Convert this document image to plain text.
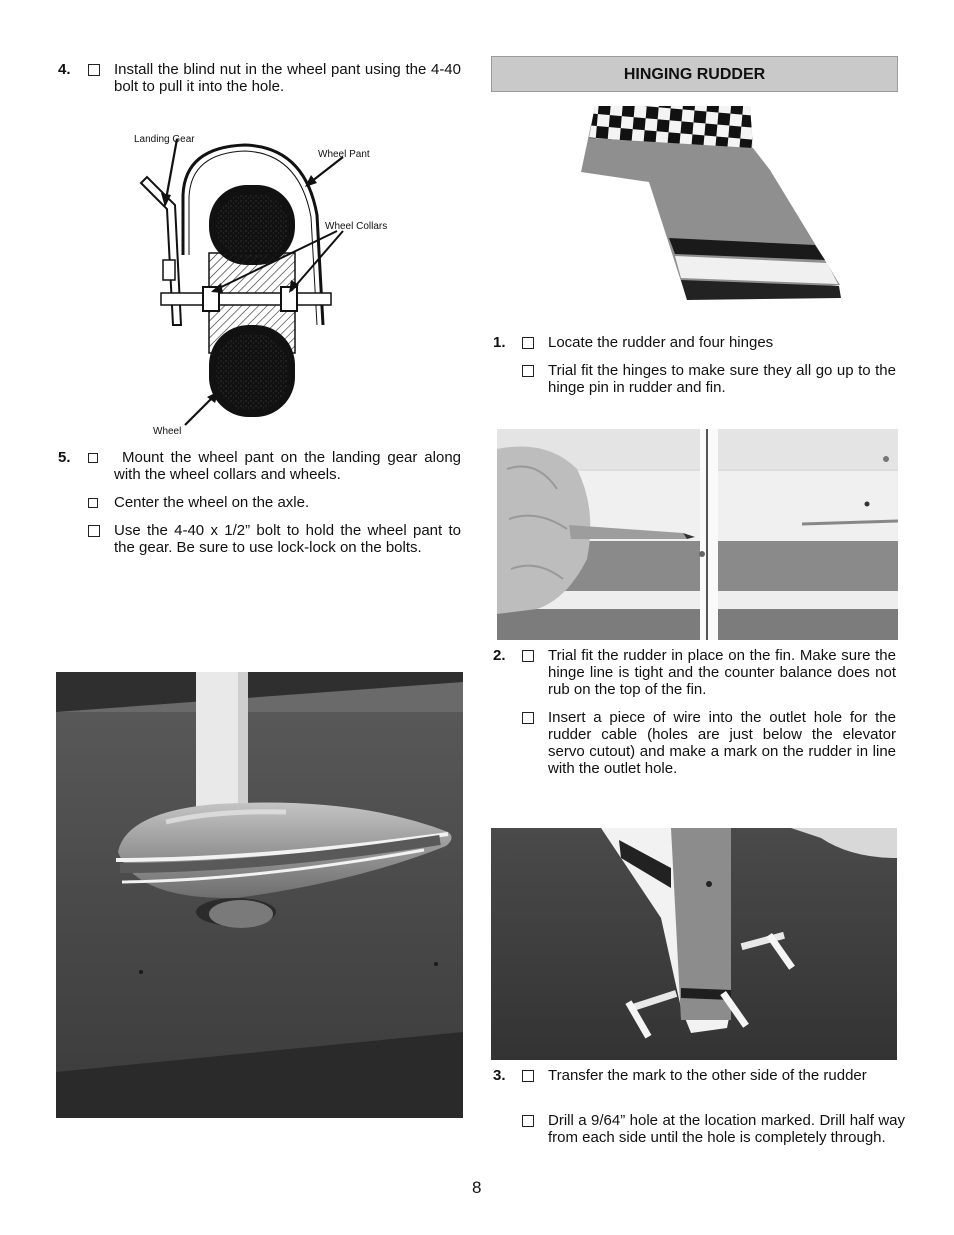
4.	Install the blind nut in the wheel pant using the 4-40 bolt to pull it into the hole.
Landing Gear
Wheel Pant
Wheel Collars
Wheel
5.	Mount the wheel pant on the landing gear along with the wheel collars and wheels.
Center the wheel on the axle.
Use the 4-40 x 1/2” bolt to hold the wheel pant to the gear. Be sure to use lock-lock on the bolts.
HINGING RUDDER
1.	Locate the rudder and four hinges
Trial fit the hinges to make sure they all go up to the hinge pin in rudder and fin.
2.	Trial fit the rudder in place on the fin. Make sure the hinge line is tight and the counter balance does not rub on the top of the fin.
Insert a piece of wire into the outlet hole for the rudder cable (holes are just below the elevator servo cutout) and make a mark on the rudder in line with the outlet hole.
3.	Transfer the mark to the other side of the rudder
Drill a 9/64” hole at the location marked. Drill half way from each side until the hole is completely through.
8
